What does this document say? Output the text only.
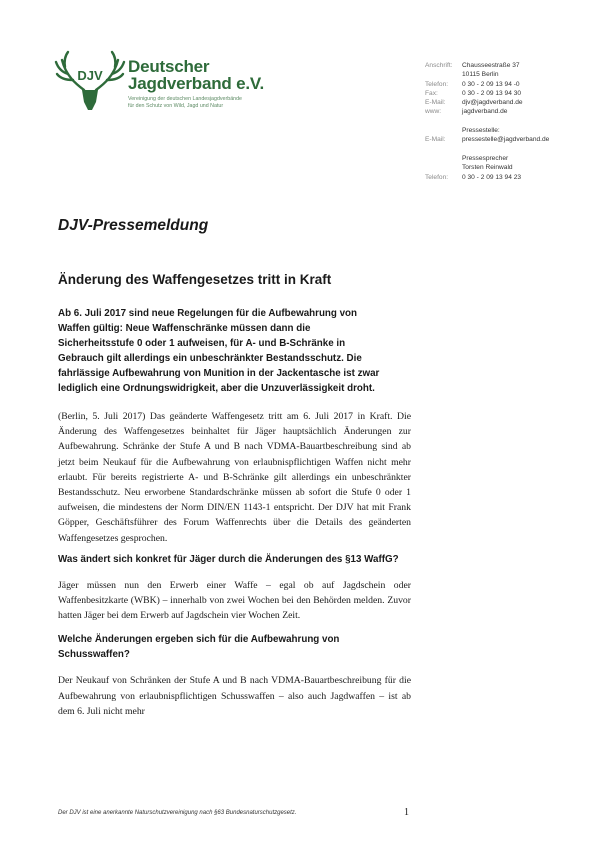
DJV Deutscher
Jagdverband e.V.
Vereinigung der deutschen Landesjagdverbände
für den Schutz von Wild, Jagd und Natur
Anschrift:	Chausseestraße 37
10115 Berlin
Telefon:	0 30 - 2 09 13 94 -0
Fax:	0 30 - 2 09 13 94 30
E-Mail:	djv@jagdverband.de
www:	jagdverband.de
Pressestelle:
E-Mail:	pressestelle@jagdverband.de
Pressesprecher
Torsten Reinwald
Telefon:	0 30 - 2 09 13 94 23
DJV-Pressemeldung
Änderung des Waffengesetzes tritt in Kraft
Ab 6. Juli 2017 sind neue Regelungen für die Aufbewahrung von
Waffen gültig: Neue Waffenschränke müssen dann die
Sicherheitsstufe 0 oder 1 aufweisen, für A- und B-Schränke in
Gebrauch gilt allerdings ein unbeschränkter Bestandsschutz. Die
fahrlässige Aufbewahrung von Munition in der Jackentasche ist zwar
lediglich eine Ordnungswidrigkeit, aber die Unzuverlässigkeit droht.

(Berlin, 5. Juli 2017) Das geänderte Waffengesetz tritt am 6. Juli 2017 in Kraft. Die Änderung des Waffengesetzes beinhaltet für Jäger hauptsächlich Änderungen zur Aufbewahrung. Schränke der Stufe A und B nach VDMA-Bauartbeschreibung sind ab jetzt beim Neukauf für die Aufbewahrung von erlaubnispflichtigen Waffen nicht mehr erlaubt. Für bereits registrierte A- und B-Schränke gilt allerdings ein unbeschränkter Bestandsschutz. Neu erworbene Standardschränke müssen ab sofort die Stufe 0 oder 1 aufweisen, die mindestens der Norm DIN/EN 1143-1 entspricht. Der DJV hat mit Frank Göpper, Geschäftsführer des Forum Waffenrechts über die Details des geänderten Waffengesetzes gesprochen.

Was ändert sich konkret für Jäger durch die Änderungen des §13 WaffG?

Jäger müssen nun den Erwerb einer Waffe – egal ob auf Jagdschein oder Waffenbesitzkarte (WBK) – innerhalb von zwei Wochen bei den Behörden melden. Zuvor hatten Jäger bei dem Erwerb auf Jagdschein vier Wochen Zeit.

Welche Änderungen ergeben sich für die Aufbewahrung von Schusswaffen?

Der Neukauf von Schränken der Stufe A und B nach VDMA-Bauartbeschreibung für die Aufbewahrung von erlaubnispflichtigen Schusswaffen – also auch Jagdwaffen – ist ab dem 6. Juli nicht mehr

Der DJV ist eine anerkannte Naturschutzvereinigung nach §63 Bundesnaturschutzgesetz.	1
